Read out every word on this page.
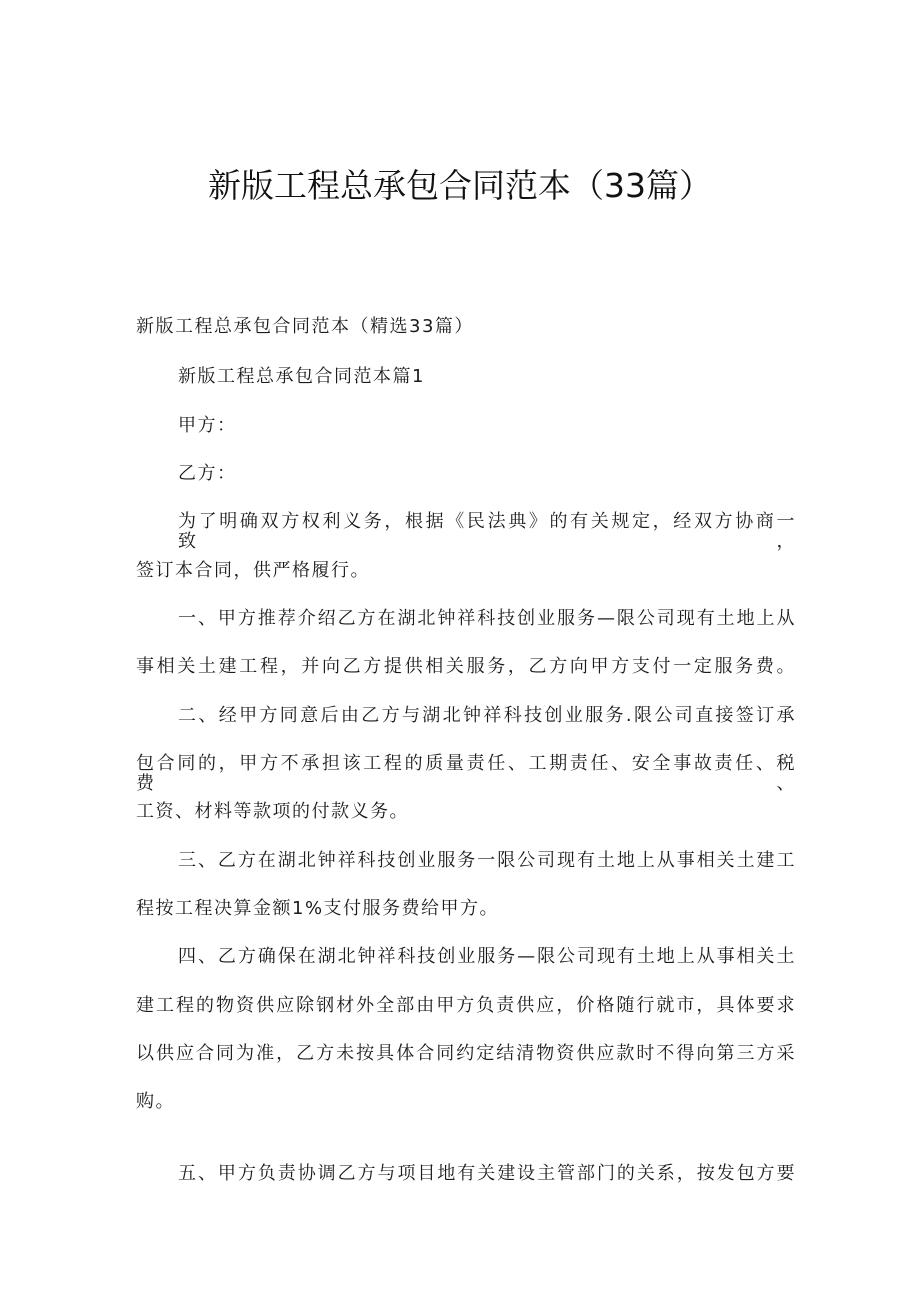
新版工程总承包合同范本（33篇）
新版工程总承包合同范本（精选33篇）
新版工程总承包合同范本篇1
甲方：
乙方：
为了明确双方权利义务，根据《民法典》的有关规定，经双方协商一致，
签订本合同，供严格履行。
一、甲方推荐介绍乙方在湖北钟祥科技创业服务—限公司现有土地上从
事相关土建工程，并向乙方提供相关服务，乙方向甲方支付一定服务费。
二、经甲方同意后由乙方与湖北钟祥科技创业服务.限公司直接签订承
包合同的，甲方不承担该工程的质量责任、工期责任、安全事故责任、税费、
工资、材料等款项的付款义务。
三、乙方在湖北钟祥科技创业服务一限公司现有土地上从事相关土建工
程按工程决算金额1%支付服务费给甲方。
四、乙方确保在湖北钟祥科技创业服务—限公司现有土地上从事相关土
建工程的物资供应除钢材外全部由甲方负责供应，价格随行就市，具体要求
以供应合同为准，乙方未按具体合同约定结清物资供应款时不得向第三方采
购。
五、甲方负责协调乙方与项目地有关建设主管部门的关系，按发包方要
